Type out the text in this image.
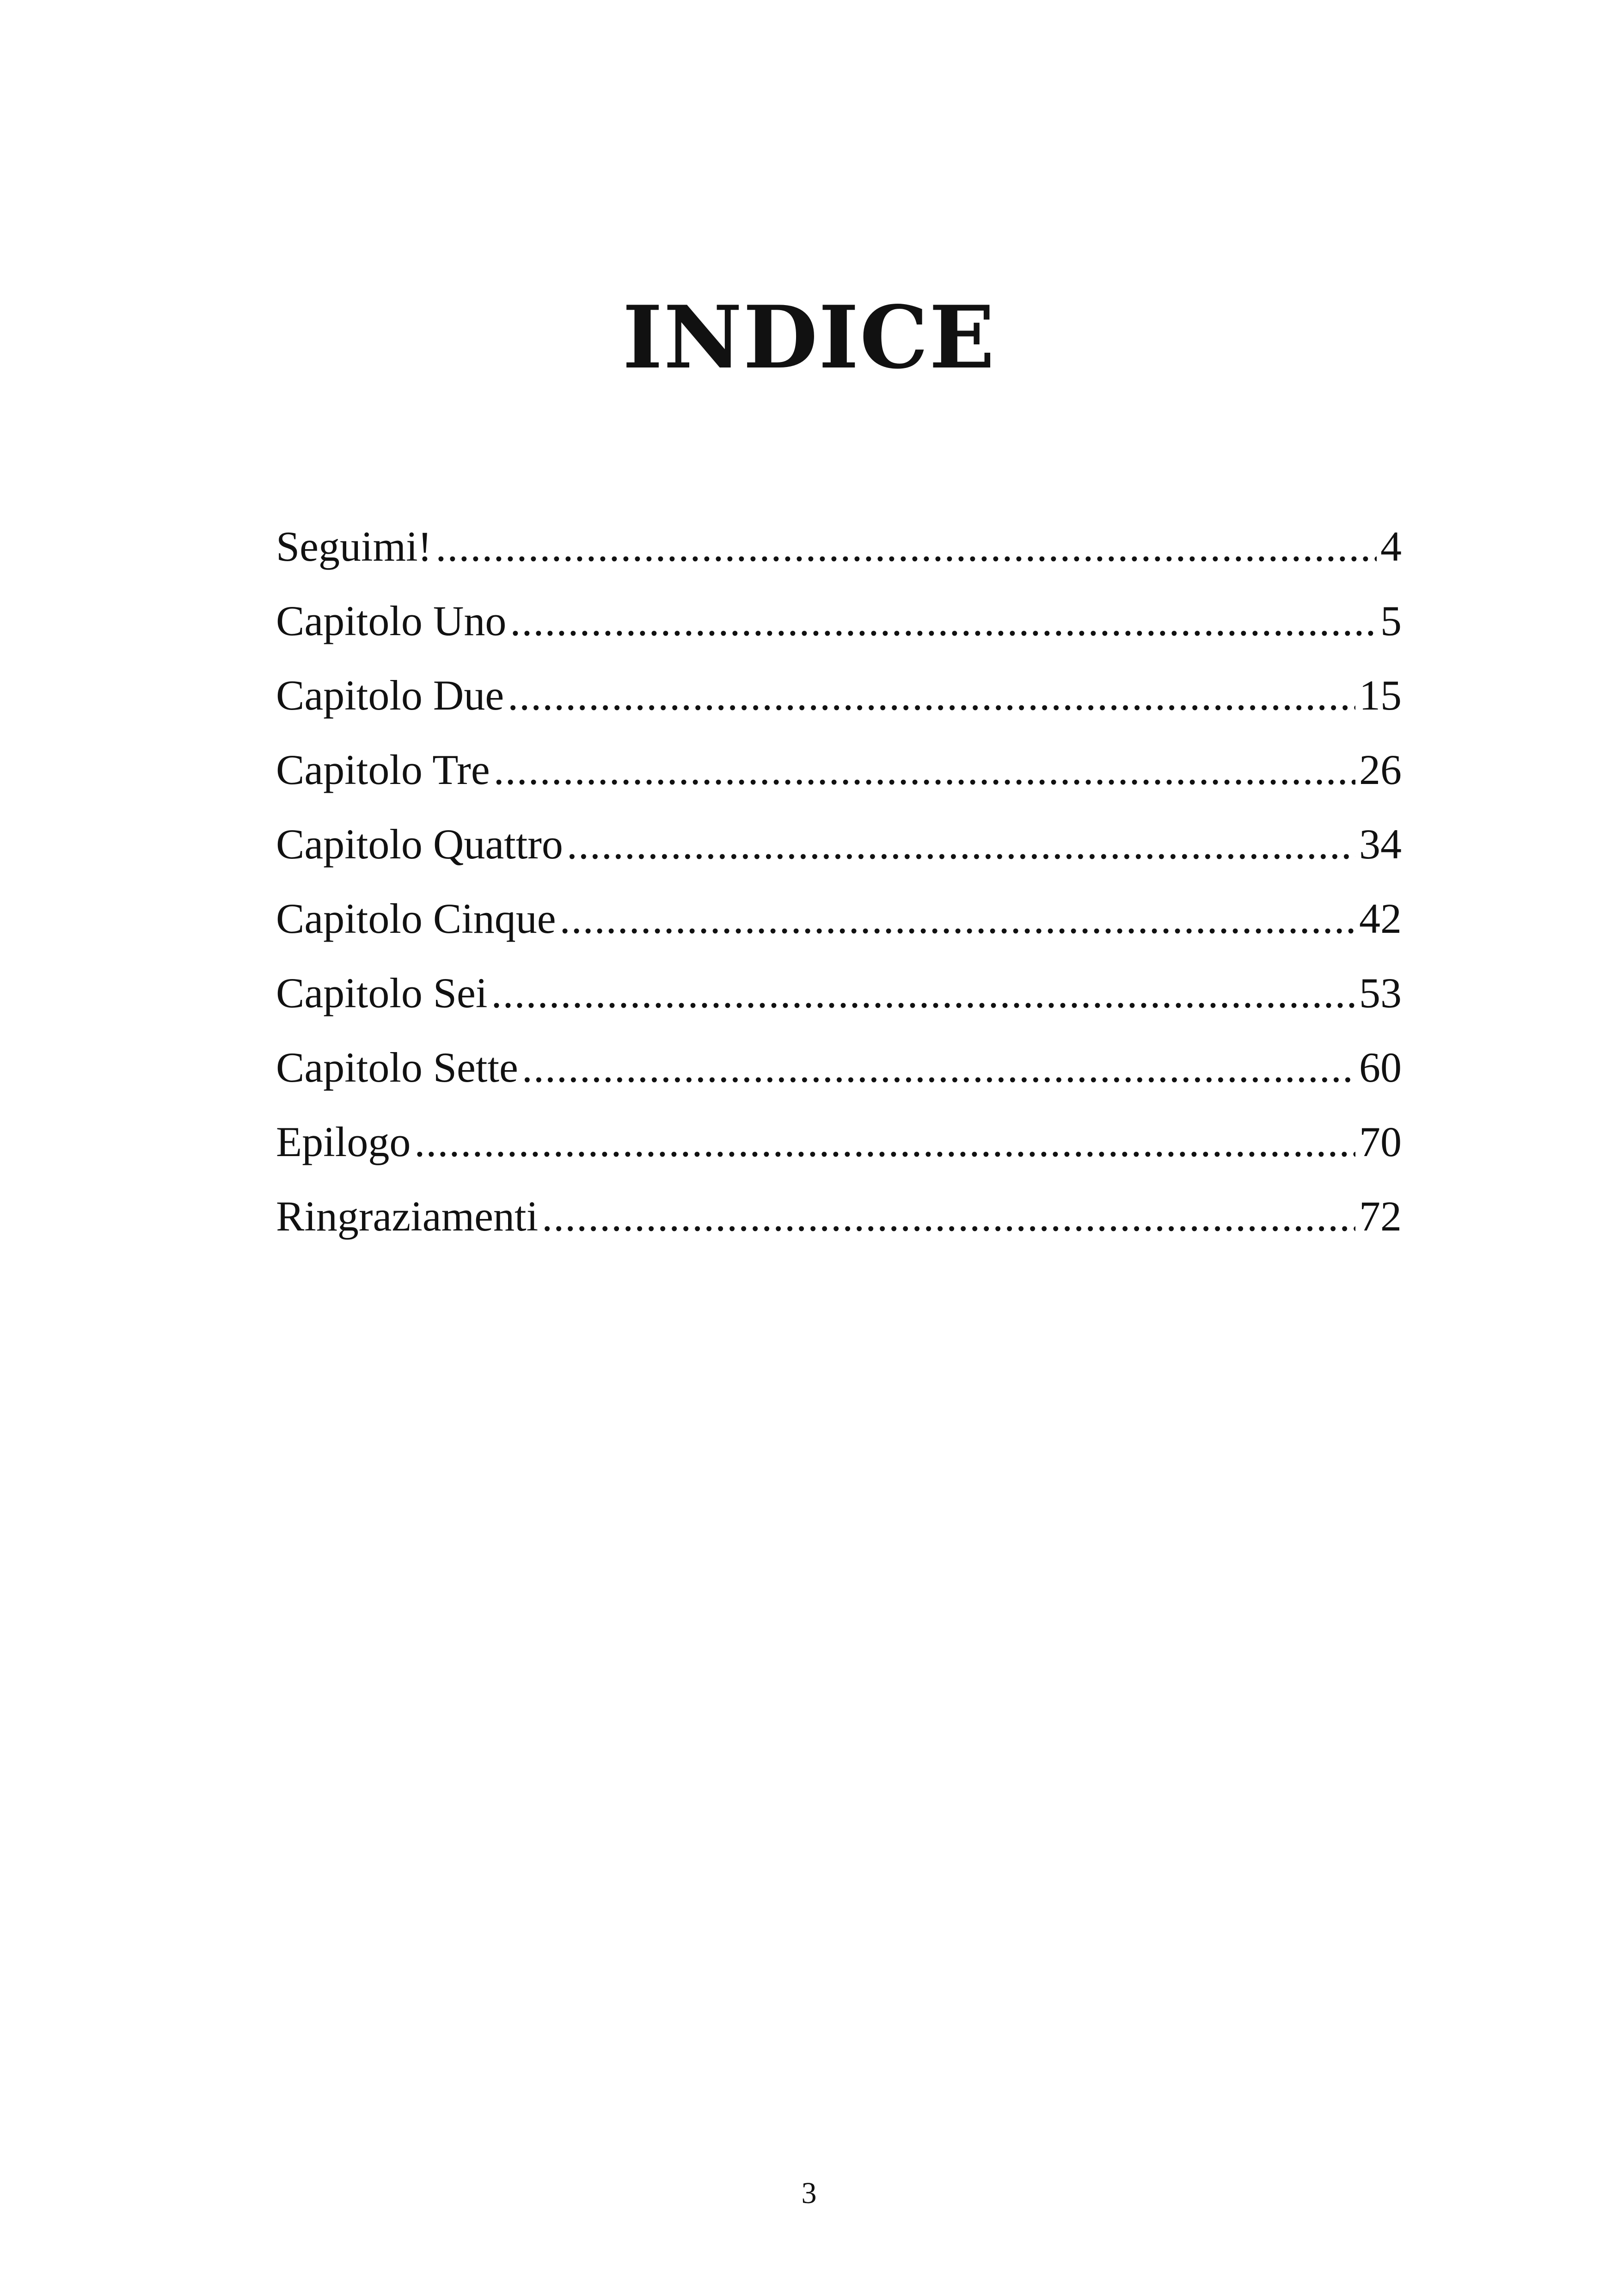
INDICE
Seguimi! .....	4
Capitolo Uno .....	5
Capitolo Due .....	15
Capitolo Tre .....	26
Capitolo Quattro .....	34
Capitolo Cinque .....	42
Capitolo Sei .....	53
Capitolo Sette .....	60
Epilogo .....	70
Ringraziamenti .....	72
3
